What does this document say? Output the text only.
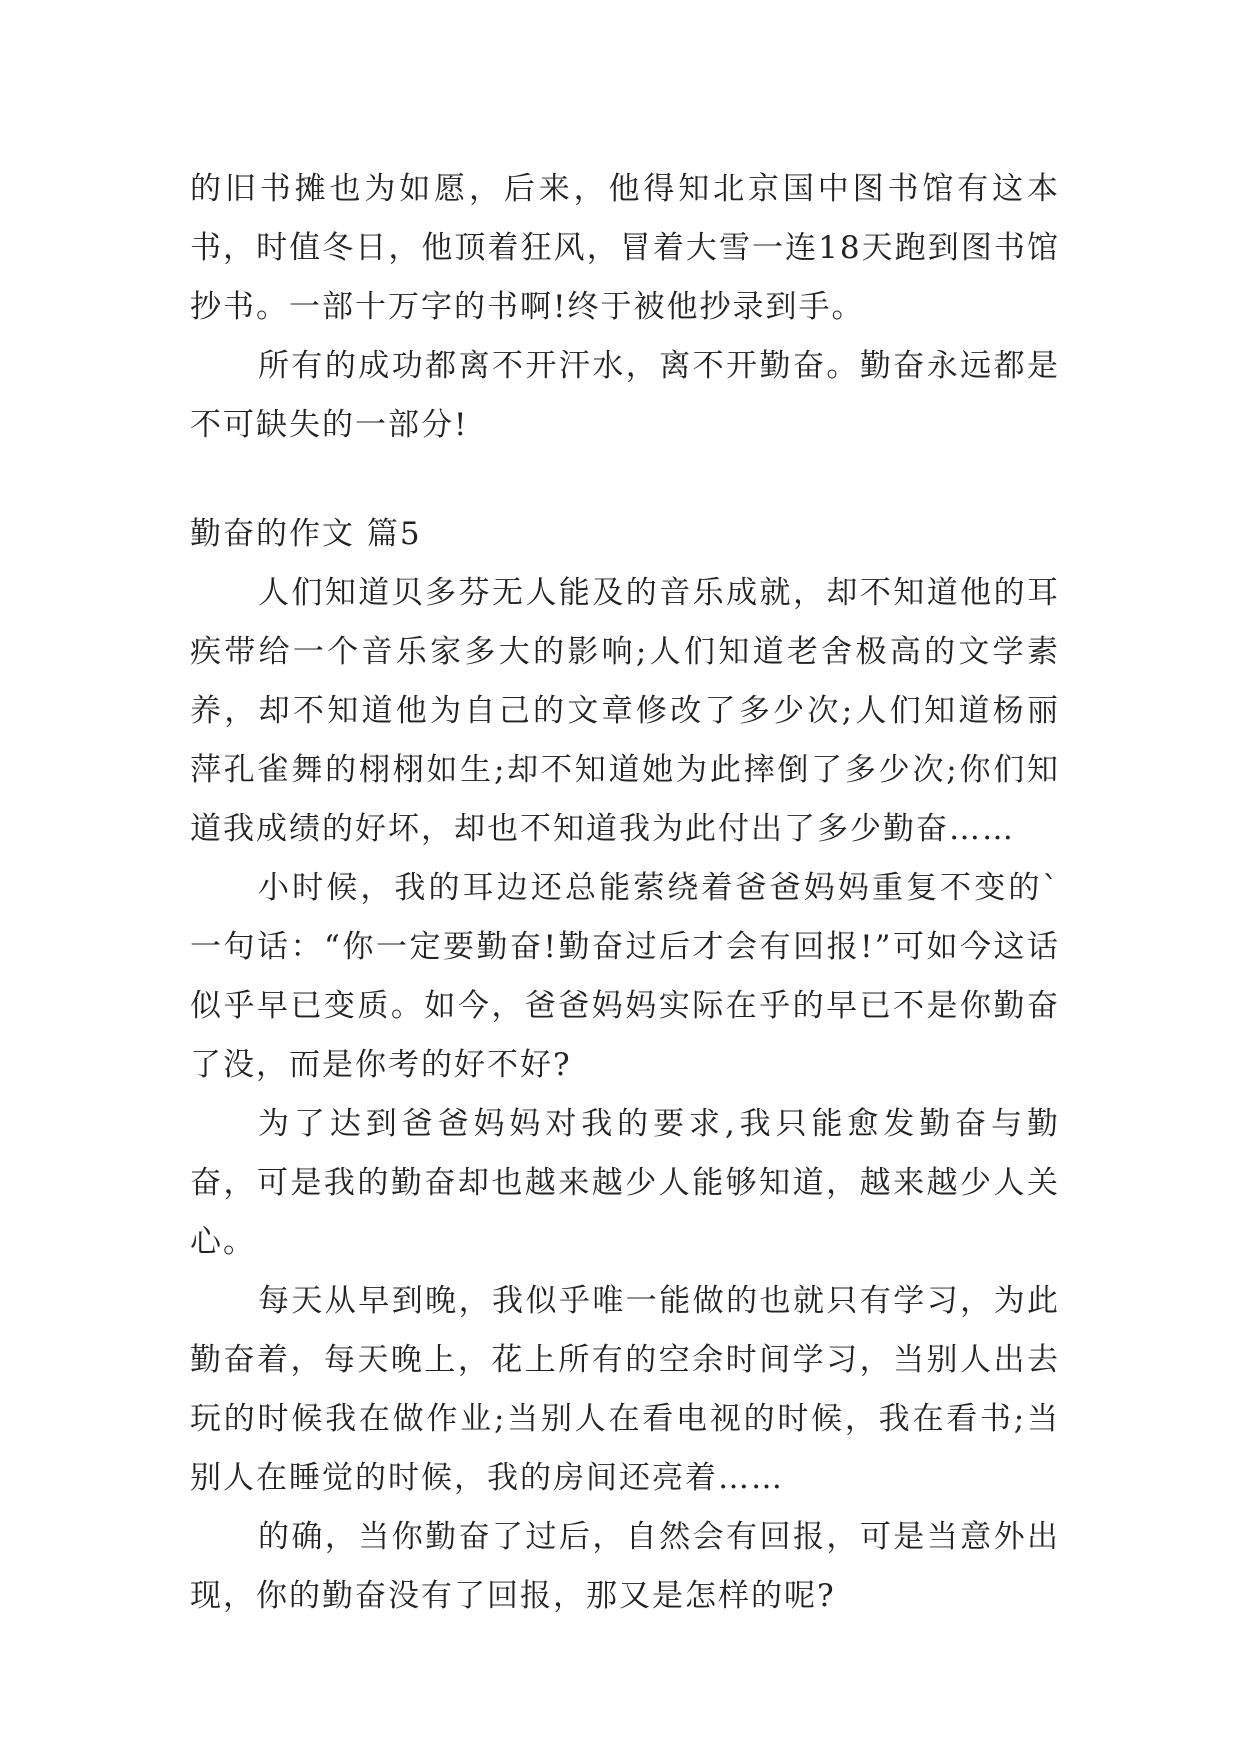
的旧书摊也为如愿，后来，他得知北京国中图书馆有这本书，时值冬日，他顶着狂风，冒着大雪一连18天跑到图书馆抄书。一部十万字的书啊!终于被他抄录到手。

所有的成功都离不开汗水，离不开勤奋。勤奋永远都是不可缺失的一部分!

勤奋的作文 篇5

人们知道贝多芬无人能及的音乐成就，却不知道他的耳疾带给一个音乐家多大的影响;人们知道老舍极高的文学素养，却不知道他为自己的文章修改了多少次;人们知道杨丽萍孔雀舞的栩栩如生;却不知道她为此摔倒了多少次;你们知道我成绩的好坏，却也不知道我为此付出了多少勤奋……

小时候，我的耳边还总能萦绕着爸爸妈妈重复不变的`一句话：“你一定要勤奋!勤奋过后才会有回报!”可如今这话似乎早已变质。如今，爸爸妈妈实际在乎的早已不是你勤奋了没，而是你考的好不好?

为了达到爸爸妈妈对我的要求,我只能愈发勤奋与勤奋，可是我的勤奋却也越来越少人能够知道，越来越少人关心。

每天从早到晚，我似乎唯一能做的也就只有学习，为此勤奋着，每天晚上，花上所有的空余时间学习，当别人出去玩的时候我在做作业;当别人在看电视的时候，我在看书;当别人在睡觉的时候，我的房间还亮着……

的确，当你勤奋了过后，自然会有回报，可是当意外出现，你的勤奋没有了回报，那又是怎样的呢?
